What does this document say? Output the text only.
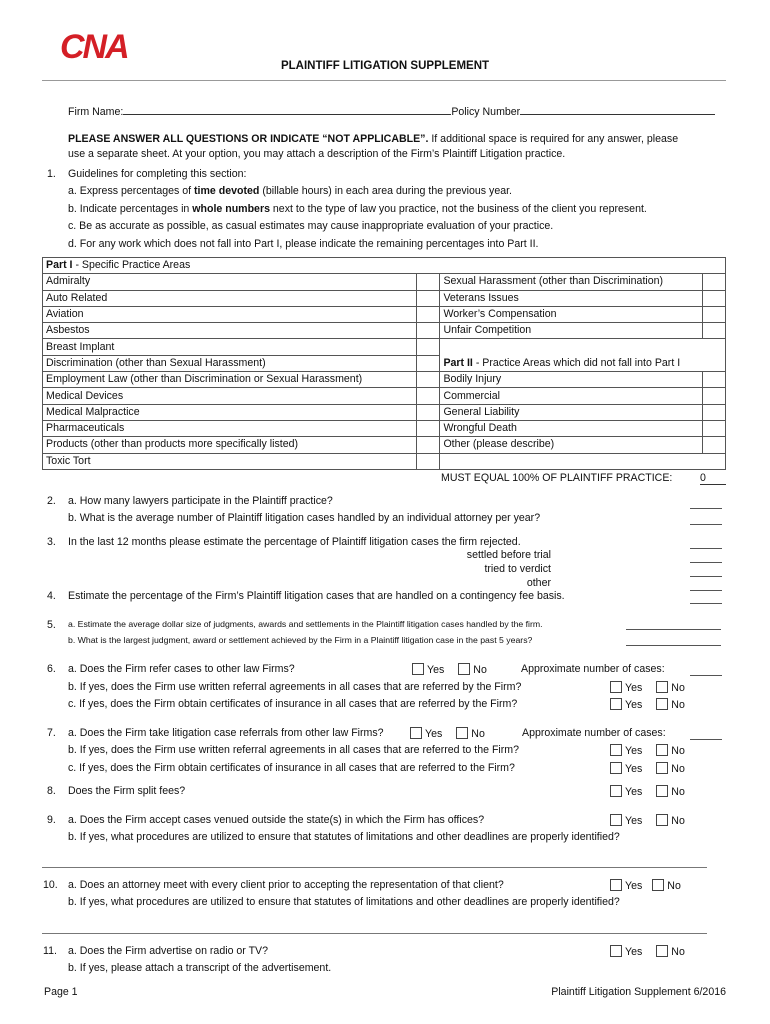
CNA	PLAINTIFF LITIGATION SUPPLEMENT
Firm Name:	Policy Number
PLEASE ANSWER ALL QUESTIONS OR INDICATE “NOT APPLICABLE”. If additional space is required for any answer, please
use a separate sheet. At your option, you may attach a description of the Firm’s Plaintiff Litigation practice.
1. Guidelines for completing this section:
a. Express percentages of time devoted (billable hours) in each area during the previous year.
b. Indicate percentages in whole numbers next to the type of law you practice, not the business of the client you represent.
c. Be as accurate as possible, as casual estimates may cause inappropriate evaluation of your practice.
d. For any work which does not fall into Part I, please indicate the remaining percentages into Part II.
Part I - Specific Practice Areas			
Admiralty		Sexual Harassment (other than Discrimination)	
Auto Related		Veterans Issues	
Aviation		Worker’s Compensation	
Asbestos		Unfair Competition	
Breast Implant			
Discrimination (other than Sexual Harassment)		Part II - Practice Areas which did not fall into Part I	
Employment Law (other than Discrimination or Sexual Harassment)		Bodily Injury	
Medical Devices		Commercial	
Medical Malpractice		General Liability	
Pharmaceuticals		Wrongful Death	
Products (other than products more specifically listed)		Other (please describe)	
Toxic Tort			
MUST EQUAL 100% OF PLAINTIFF PRACTICE:	0
2. a. How many lawyers participate in the Plaintiff practice?
b. What is the average number of Plaintiff litigation cases handled by an individual attorney per year?
3. In the last 12 months please estimate the percentage of Plaintiff litigation cases the firm rejected.
settled before trial
tried to verdict
other
4. Estimate the percentage of the Firm’s Plaintiff litigation cases that are handled on a contingency fee basis.
5. a. Estimate the average dollar size of judgments, awards and settlements in the Plaintiff litigation cases handled by the firm.
b. What is the largest judgment, award or settlement achieved by the Firm in a Plaintiff litigation case in the past 5 years?
6. a. Does the Firm refer cases to other law Firms?	Yes	No	Approximate number of cases:
b. If yes, does the Firm use written referral agreements in all cases that are referred by the Firm?	Yes	No
c. If yes, does the Firm obtain certificates of insurance in all cases that are referred by the Firm?	Yes	No
7. a. Does the Firm take litigation case referrals from other law Firms?	Yes	No	Approximate number of cases:
b. If yes, does the Firm use written referral agreements in all cases that are referred to the Firm?	Yes	No
c. If yes, does the Firm obtain certificates of insurance in all cases that are referred to the Firm?	Yes	No
8. Does the Firm split fees?	Yes	No
9. a. Does the Firm accept cases venued outside the state(s) in which the Firm has offices?	Yes	No
b. If yes, what procedures are utilized to ensure that statutes of limitations and other deadlines are properly identified?
10. a. Does an attorney meet with every client prior to accepting the representation of that client?	Yes No
b. If yes, what procedures are utilized to ensure that statutes of limitations and other deadlines are properly identified?
11. a. Does the Firm advertise on radio or TV?	Yes	No
b. If yes, please attach a transcript of the advertisement.
Page 1	Plaintiff Litigation Supplement 6/2016
